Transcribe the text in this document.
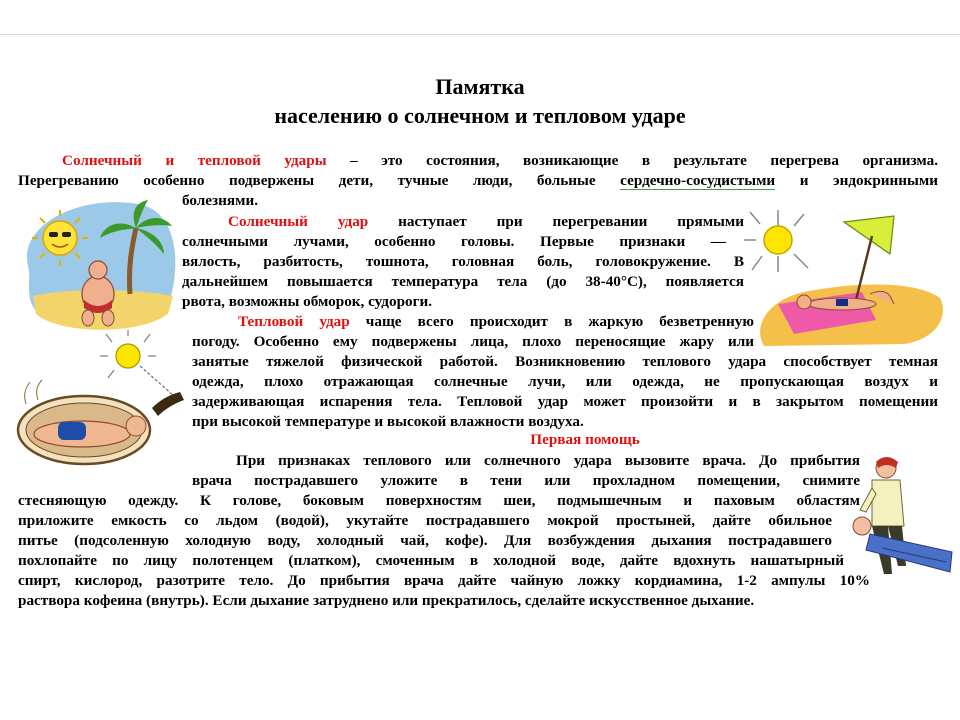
Памятка
населению о солнечном и тепловом ударе
Солнечный и тепловой удары – это состояния, возникающие в результате перегрева организма.
Перегреванию особенно подвержены дети, тучные люди, больные сердечно-сосудистыми и эндокринными
болезнями.
Солнечный удар наступает при перегревании прямыми
солнечными лучами, особенно головы. Первые признаки —
вялость, разбитость, тошнота, головная боль, головокружение. В
дальнейшем повышается температура тела (до 38-40°С), появляется
рвота, возможны обморок, судороги.
Тепловой удар чаще всего происходит в жаркую безветренную
погоду. Особенно ему подвержены лица, плохо переносящие жару или
занятые тяжелой физической работой. Возникновению теплового удара способствует темная
одежда, плохо отражающая солнечные лучи, или одежда, не пропускающая воздух и
задерживающая испарения тела. Тепловой удар может произойти и в закрытом помещении
при высокой температуре и высокой влажности воздуха.
Первая помощь
При признаках теплового или солнечного удара вызовите врача. До прибытия
врача пострадавшего уложите в тени или прохладном помещении, снимите
стесняющую одежду. К голове, боковым поверхностям шеи, подмышечным и паховым областям
приложите емкость со льдом (водой), укутайте пострадавшего мокрой простыней, дайте обильное
питье (подсоленную холодную воду, холодный чай, кофе). Для возбуждения дыхания пострадавшего
похлопайте по лицу полотенцем (платком), смоченным в холодной воде, дайте вдохнуть нашатырный
спирт, кислород, разотрите тело. До прибытия врача дайте чайную ложку кордиамина, 1-2 ампулы 10%
раствора кофеина (внутрь). Если дыхание затруднено или прекратилось, сделайте искусственное дыхание.
